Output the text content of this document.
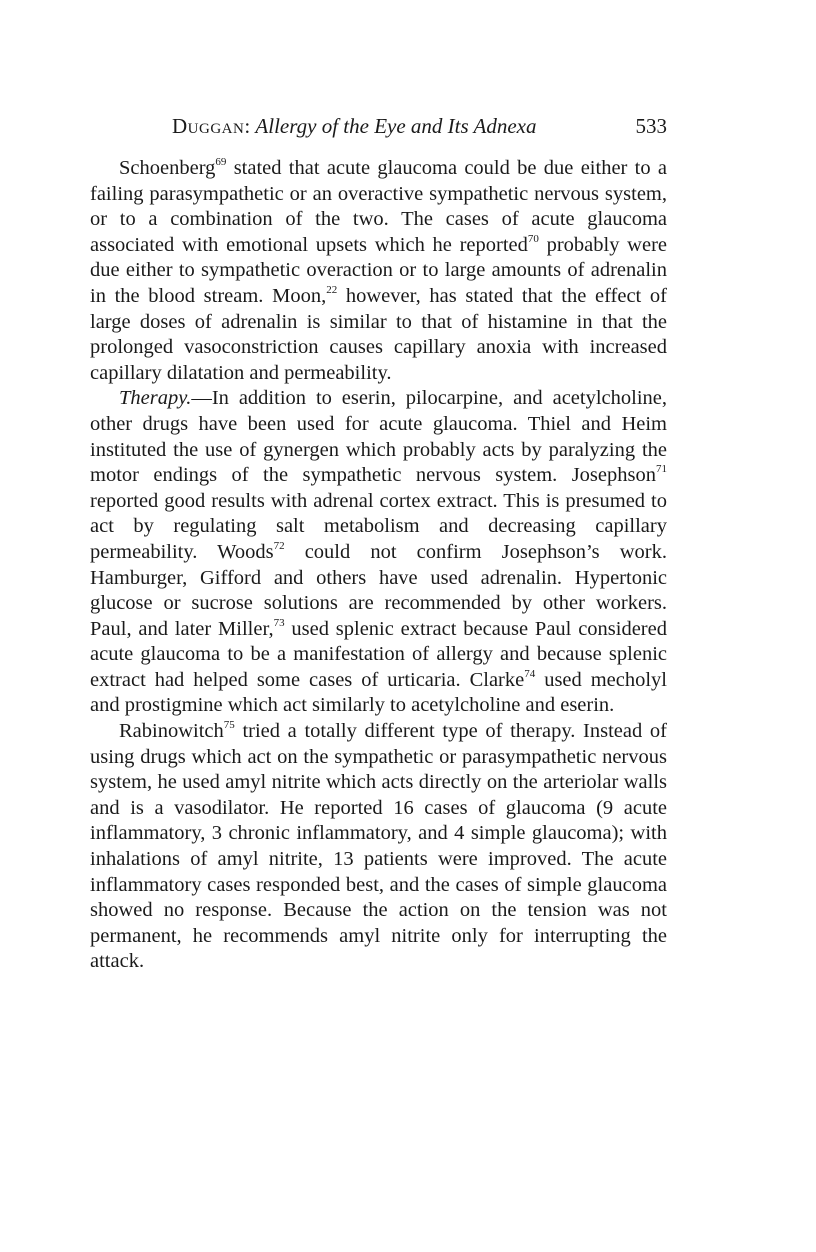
Duggan: Allergy of the Eye and Its Adnexa	533

Schoenberg$^{69}$ stated that acute glaucoma could be due either to a failing parasympathetic or an overactive sympathetic nervous system, or to a combination of the two. The cases of acute glaucoma associated with emotional upsets which he reported$^{70}$ probably were due either to sympathetic overaction or to large amounts of adrenalin in the blood stream. Moon,$^{22}$ however, has stated that the effect of large doses of adrenalin is similar to that of histamine in that the prolonged vasoconstriction causes capillary anoxia with increased capillary dilatation and permeability.

Therapy.—In addition to eserin, pilocarpine, and acetylcholine, other drugs have been used for acute glaucoma. Thiel and Heim instituted the use of gynergen which probably acts by paralyzing the motor endings of the sympathetic nervous system. Josephson$^{71}$ reported good results with adrenal cortex extract. This is presumed to act by regulating salt metabolism and decreasing capillary permeability. Woods$^{72}$ could not confirm Josephson’s work. Hamburger, Gifford and others have used adrenalin. Hypertonic glucose or sucrose solutions are recommended by other workers. Paul, and later Miller,$^{73}$ used splenic extract because Paul considered acute glaucoma to be a manifestation of allergy and because splenic extract had helped some cases of urticaria. Clarke$^{74}$ used mecholyl and prostigmine which act similarly to acetylcholine and eserin.

Rabinowitch$^{75}$ tried a totally different type of therapy. Instead of using drugs which act on the sympathetic or parasympathetic nervous system, he used amyl nitrite which acts directly on the arteriolar walls and is a vasodilator. He reported 16 cases of glaucoma (9 acute inflammatory, 3 chronic inflammatory, and 4 simple glaucoma); with inhalations of amyl nitrite, 13 patients were improved. The acute inflammatory cases responded best, and the cases of simple glaucoma showed no response. Because the action on the tension was not permanent, he recommends amyl nitrite only for interrupting the attack.
